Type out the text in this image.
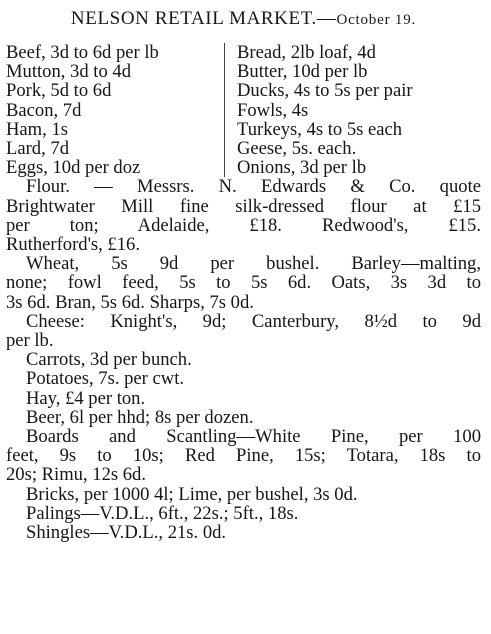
NELSON RETAIL MARKET.—October 19.
Beef, 3d to 6d per lb
Mutton, 3d to 4d
Pork, 5d to 6d
Bacon, 7d
Ham, 1s
Lard, 7d
Eggs, 10d per doz
Bread, 2lb loaf, 4d
Butter, 10d per lb
Ducks, 4s to 5s per pair
Fowls, 4s
Turkeys, 4s to 5s each
Geese, 5s. each.
Onions, 3d per lb
Flour. — Messrs. N. Edwards & Co. quote
Brightwater Mill fine silk-dressed flour at £15
per ton; Adelaide, £18. Redwood's, £15.
Rutherford's, £16.
Wheat, 5s 9d per bushel. Barley—malting,
none; fowl feed, 5s to 5s 6d. Oats, 3s 3d to
3s 6d. Bran, 5s 6d. Sharps, 7s 0d.
Cheese: Knight's, 9d; Canterbury, 8½d to 9d
per lb.
Carrots, 3d per bunch.
Potatoes, 7s. per cwt.
Hay, £4 per ton.
Beer, 6l per hhd; 8s per dozen.
Boards and Scantling—White Pine, per 100
feet, 9s to 10s; Red Pine, 15s; Totara, 18s to
20s; Rimu, 12s 6d.
Bricks, per 1000 4l; Lime, per bushel, 3s 0d.
Palings—V.D.L., 6ft., 22s.; 5ft., 18s.
Shingles—V.D.L., 21s. 0d.
